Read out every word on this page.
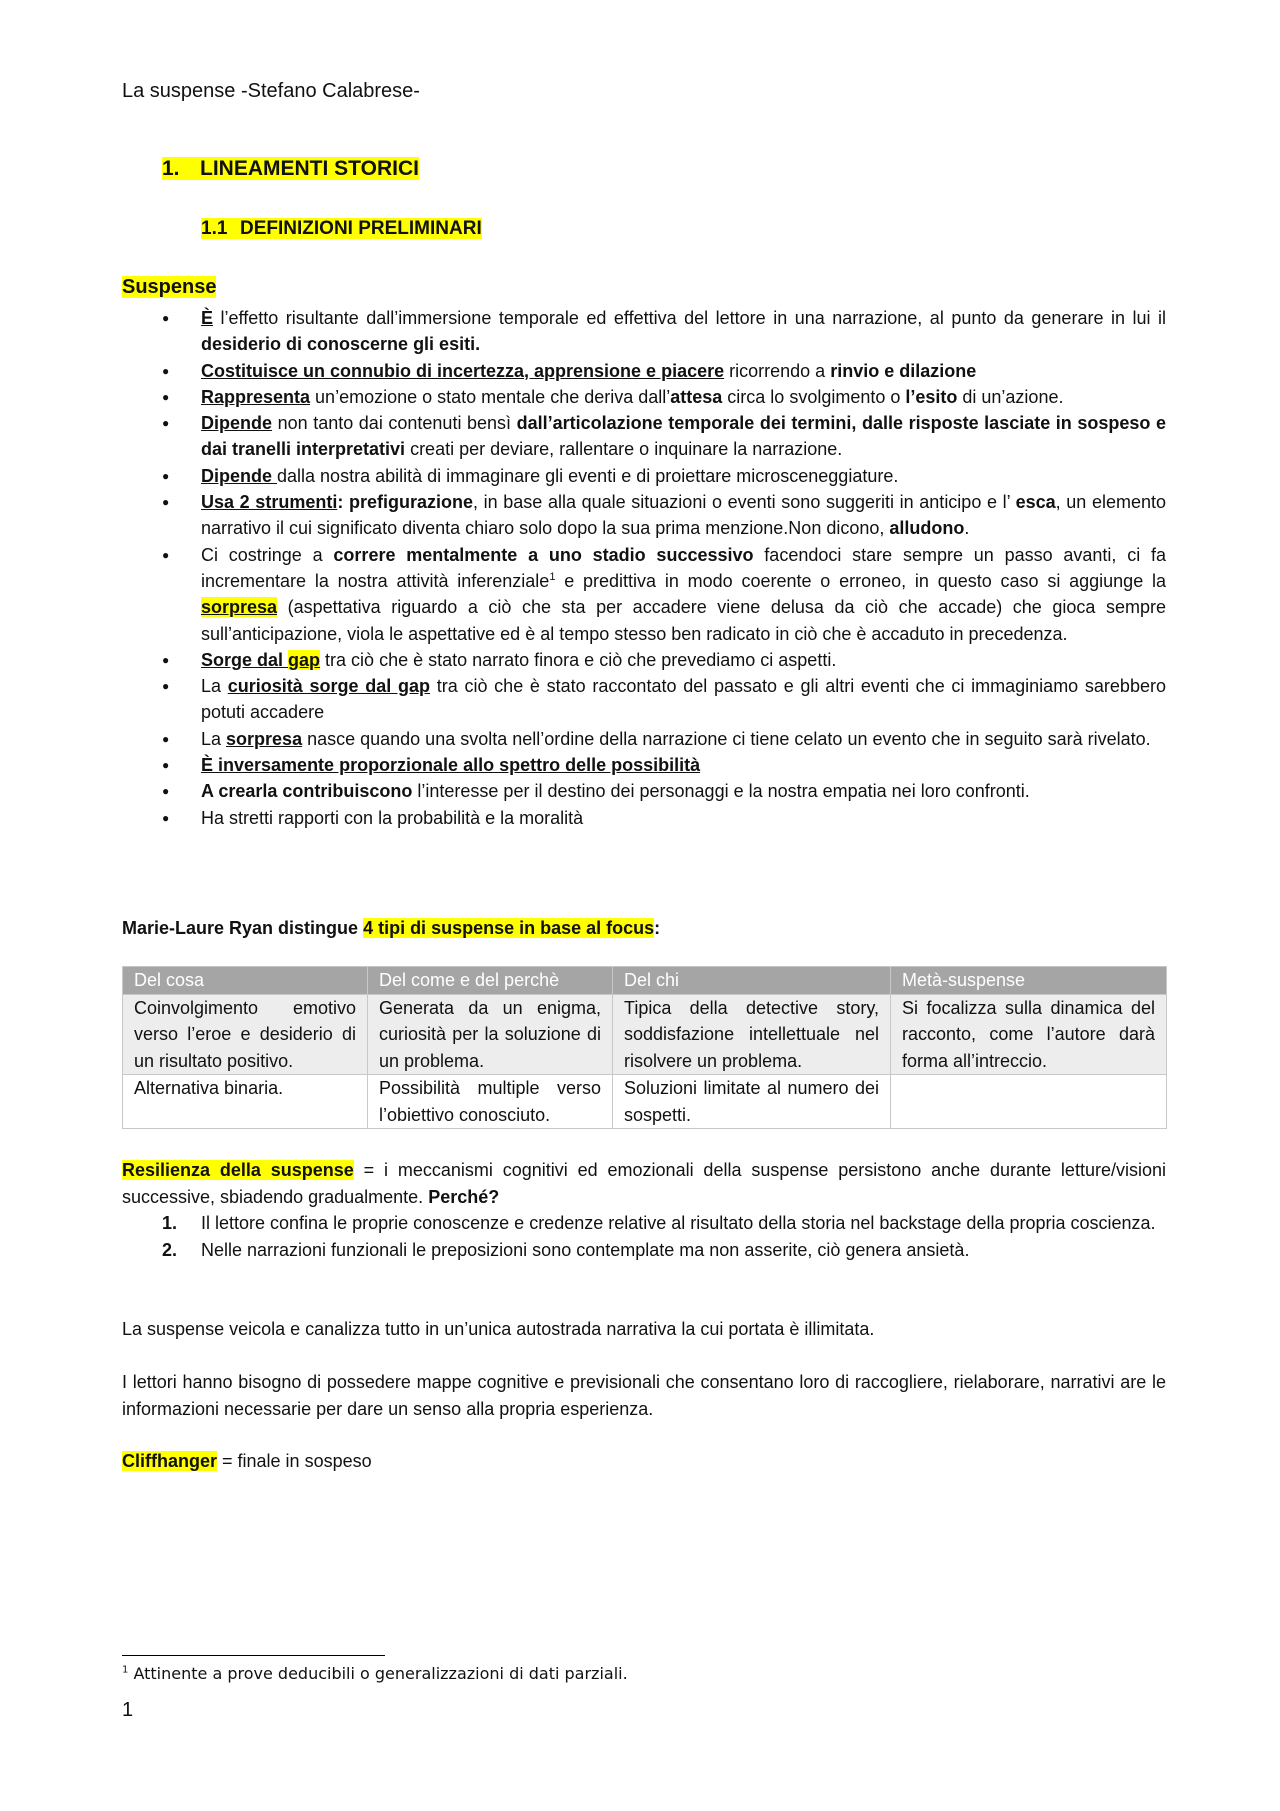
La suspense -Stefano Calabrese-
1. LINEAMENTI STORICI
1.1 DEFINIZIONI PRELIMINARI
Suspense
● È l’effetto risultante dall’immersione temporale ed effettiva del lettore in una narrazione, al punto da generare in lui il desiderio di conoscerne gli esiti.
● Costituisce un connubio di incertezza, apprensione e piacere ricorrendo a rinvio e dilazione
● Rappresenta un’emozione o stato mentale che deriva dall’attesa circa lo svolgimento o l’esito di un’azione.
● Dipende non tanto dai contenuti bensì dall’articolazione temporale dei termini, dalle risposte lasciate in sospeso e dai tranelli interpretativi creati per deviare, rallentare o inquinare la narrazione.
● Dipende dalla nostra abilità di immaginare gli eventi e di proiettare microsceneggiature.
● Usa 2 strumenti: prefigurazione, in base alla quale situazioni o eventi sono suggeriti in anticipo e l’ esca, un elemento narrativo il cui significato diventa chiaro solo dopo la sua prima menzione.Non dicono, alludono.
● Ci costringe a correre mentalmente a uno stadio successivo facendoci stare sempre un passo avanti, ci fa incrementare la nostra attività inferenziale$^1$ e predittiva in modo coerente o erroneo, in questo caso si aggiunge la sorpresa (aspettativa riguardo a ciò che sta per accadere viene delusa da ciò che accade) che gioca sempre sull’anticipazione, viola le aspettative ed è al tempo stesso ben radicato in ciò che è accaduto in precedenza.
● Sorge dal gap tra ciò che è stato narrato finora e ciò che prevediamo ci aspetti.
● La curiosità sorge dal gap tra ciò che è stato raccontato del passato e gli altri eventi che ci immaginiamo sarebbero potuti accadere
● La sorpresa nasce quando una svolta nell’ordine della narrazione ci tiene celato un evento che in seguito sarà rivelato.
● È inversamente proporzionale allo spettro delle possibilità
● A crearla contribuiscono l’interesse per il destino dei personaggi e la nostra empatia nei loro confronti.
● Ha stretti rapporti con la probabilità e la moralità
Marie-Laure Ryan distingue 4 tipi di suspense in base al focus:
Del cosa	Del come e del perchè	Del chi	Metà-suspense
Coinvolgimento emotivo verso l’eroe e desiderio di un risultato positivo.	Generata da un enigma, curiosità per la soluzione di un problema.	Tipica della detective story, soddisfazione intellettuale nel risolvere un problema.	Si focalizza sulla dinamica del racconto, come l’autore darà forma all’intreccio.
Alternativa binaria.	Possibilità multiple verso l’obiettivo conosciuto.	Soluzioni limitate al numero dei sospetti.	
Resilienza della suspense = i meccanismi cognitivi ed emozionali della suspense persistono anche durante letture/visioni successive, sbiadendo gradualmente. Perché?
1. Il lettore confina le proprie conoscenze e credenze relative al risultato della storia nel backstage della propria coscienza.
2. Nelle narrazioni funzionali le preposizioni sono contemplate ma non asserite, ciò genera ansietà.
La suspense veicola e canalizza tutto in un’unica autostrada narrativa la cui portata è illimitata.
I lettori hanno bisogno di possedere mappe cognitive e previsionali che consentano loro di raccogliere, rielaborare, narrativi are le informazioni necessarie per dare un senso alla propria esperienza.
Cliffhanger = finale in sospeso
$^1$ Attinente a prove deducibili o generalizzazioni di dati parziali.
1
